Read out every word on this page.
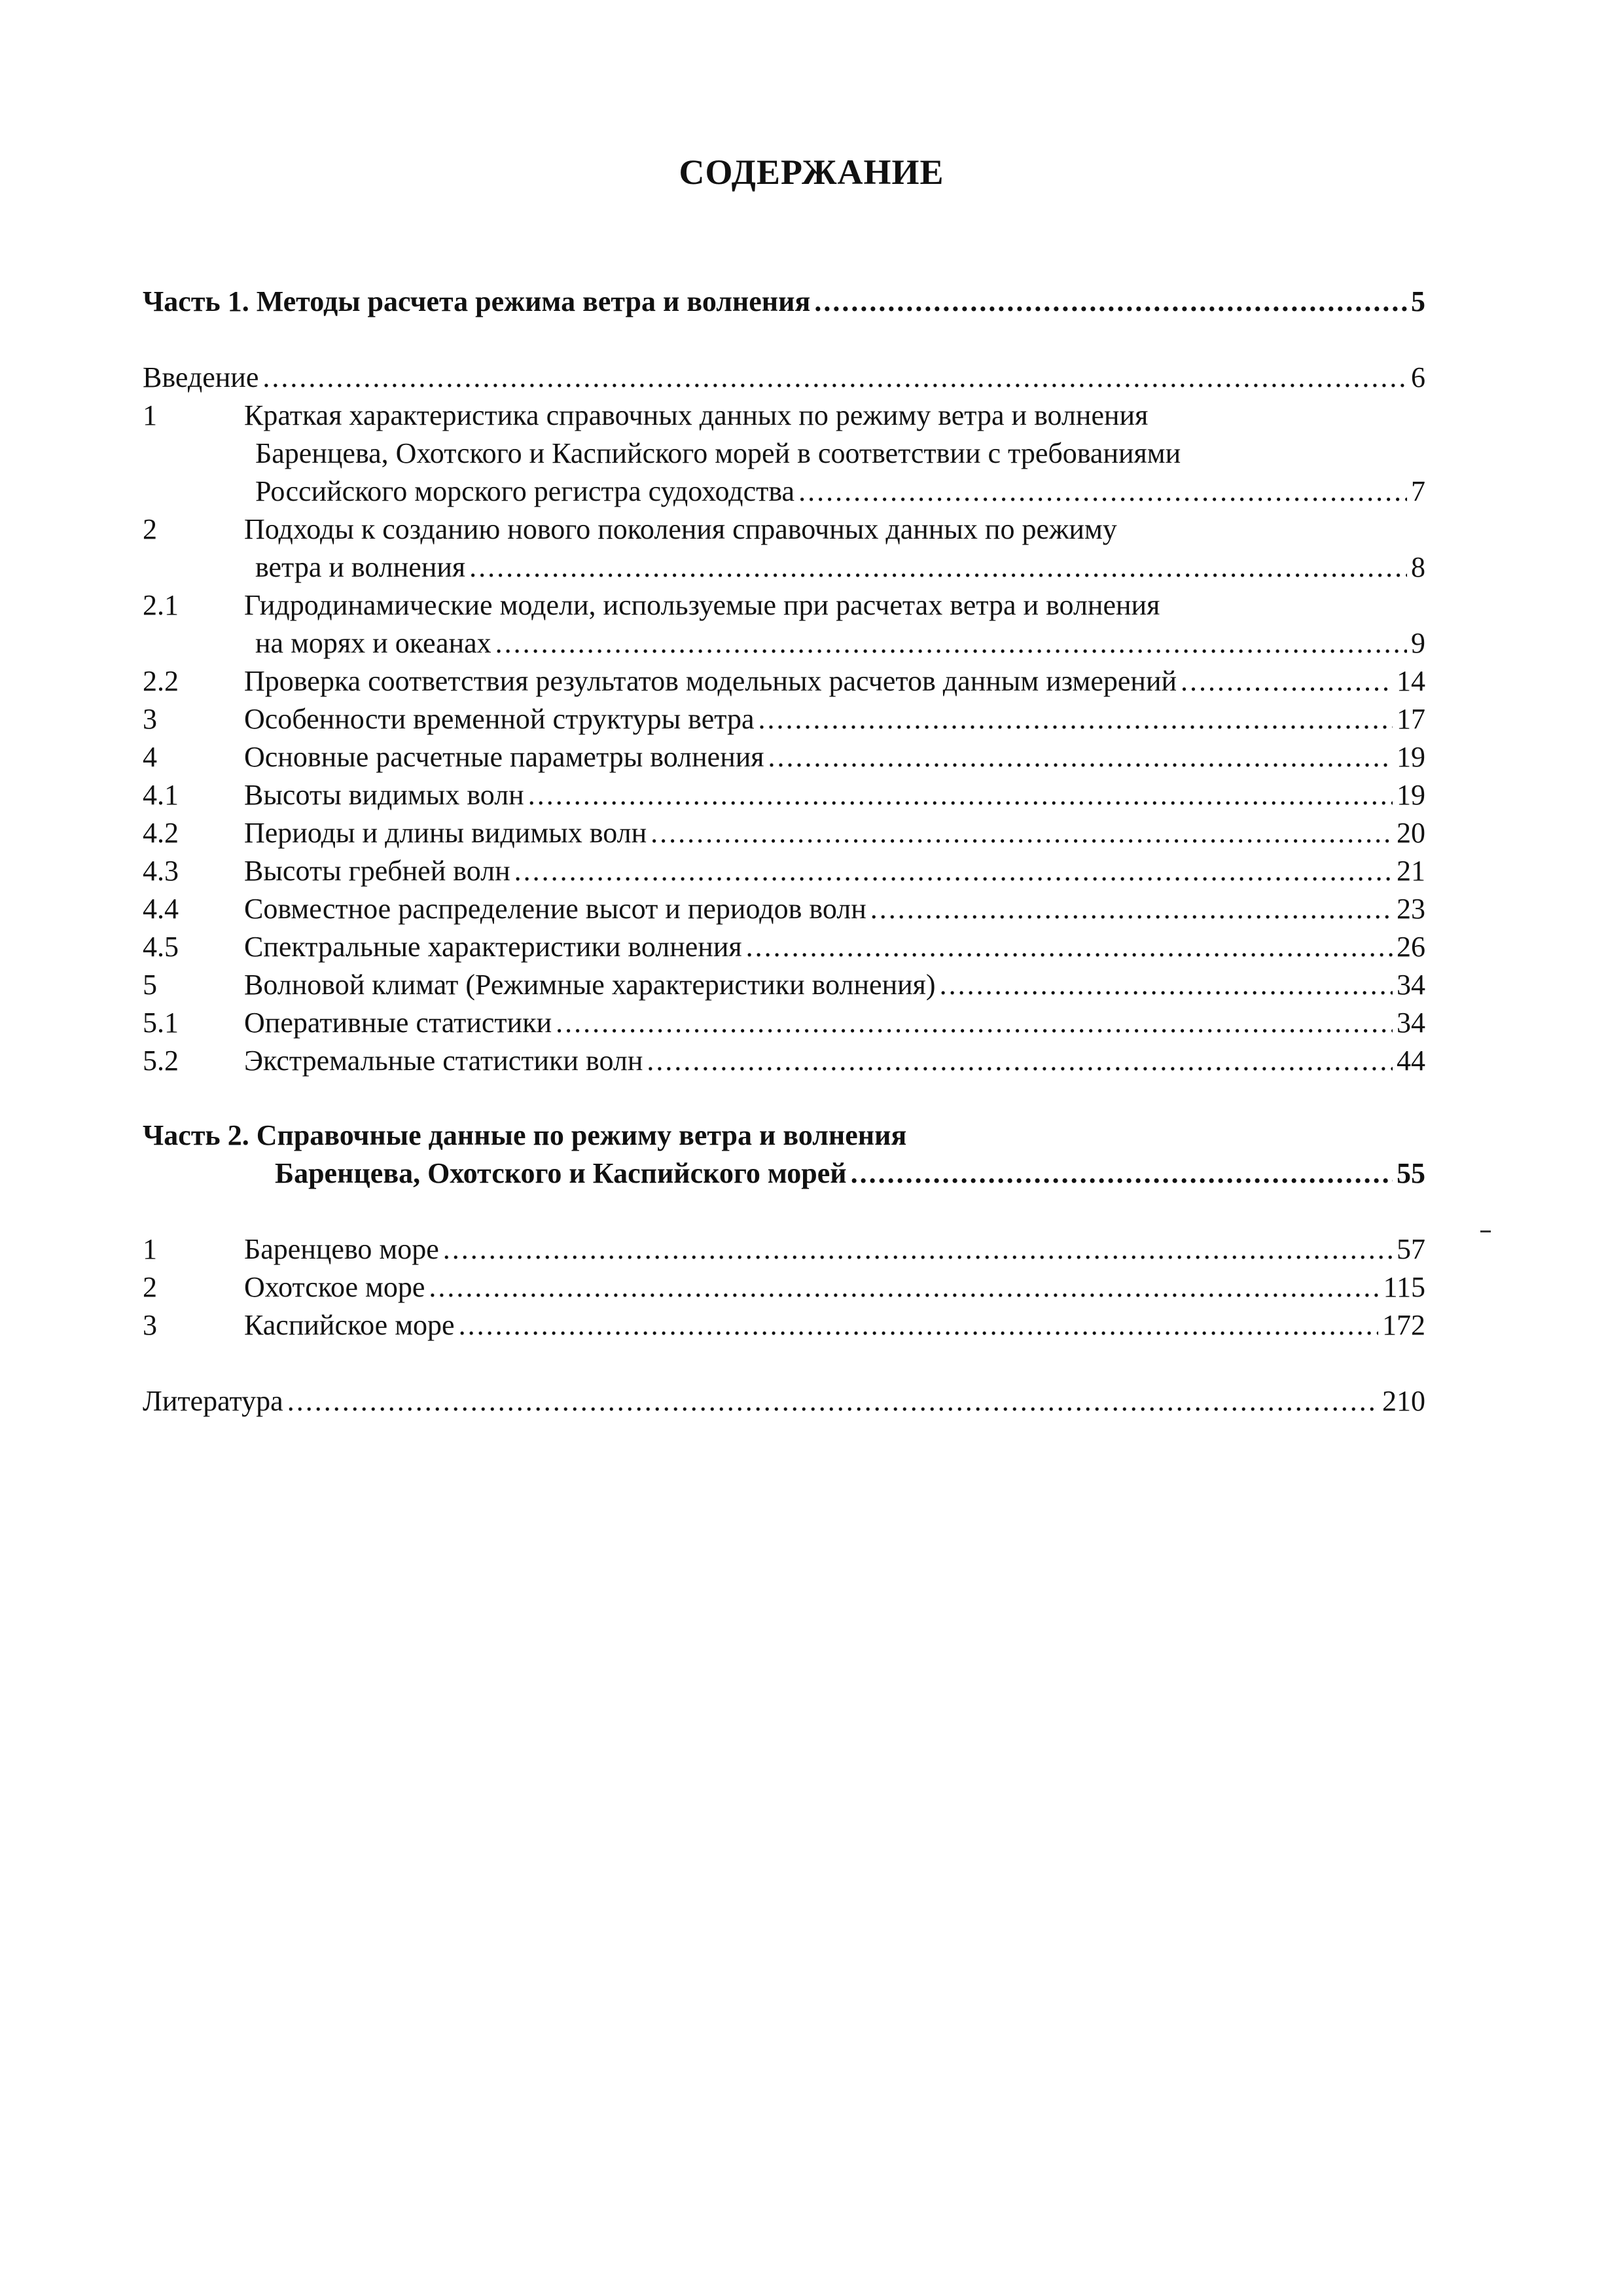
СОДЕРЖАНИЕ
Часть 1. Методы расчета режима ветра и волнения .....	5
Введение .....	6
1	Краткая характеристика справочных данных по режиму ветра и волнения
Баренцева, Охотского и Каспийского морей в соответствии с требованиями
Российского морского регистра судоходства .....	7
2	Подходы к созданию нового поколения справочных данных по режиму
ветра и волнения .....	8
2.1	Гидродинамические модели, используемые при расчетах ветра и волнения
на морях и океанах .....	9
2.2	Проверка соответствия результатов модельных расчетов данным измерений .....	14
3	Особенности временной структуры ветра .....	17
4	Основные расчетные параметры волнения .....	19
4.1	Высоты видимых волн .....	19
4.2	Периоды и длины видимых волн .....	20
4.3	Высоты гребней волн .....	21
4.4	Совместное распределение высот и периодов волн .....	23
4.5	Спектральные характеристики волнения .....	26
5	Волновой климат (Режимные характеристики волнения) .....	34
5.1	Оперативные статистики .....	34
5.2	Экстремальные статистики волн .....	44
Часть 2. Справочные данные по режиму ветра и волнения
Баренцева, Охотского и Каспийского морей .....	55
1	Баренцево море .....	57
2	Охотское море .....	115
3	Каспийское море .....	172
Литература .....	210
